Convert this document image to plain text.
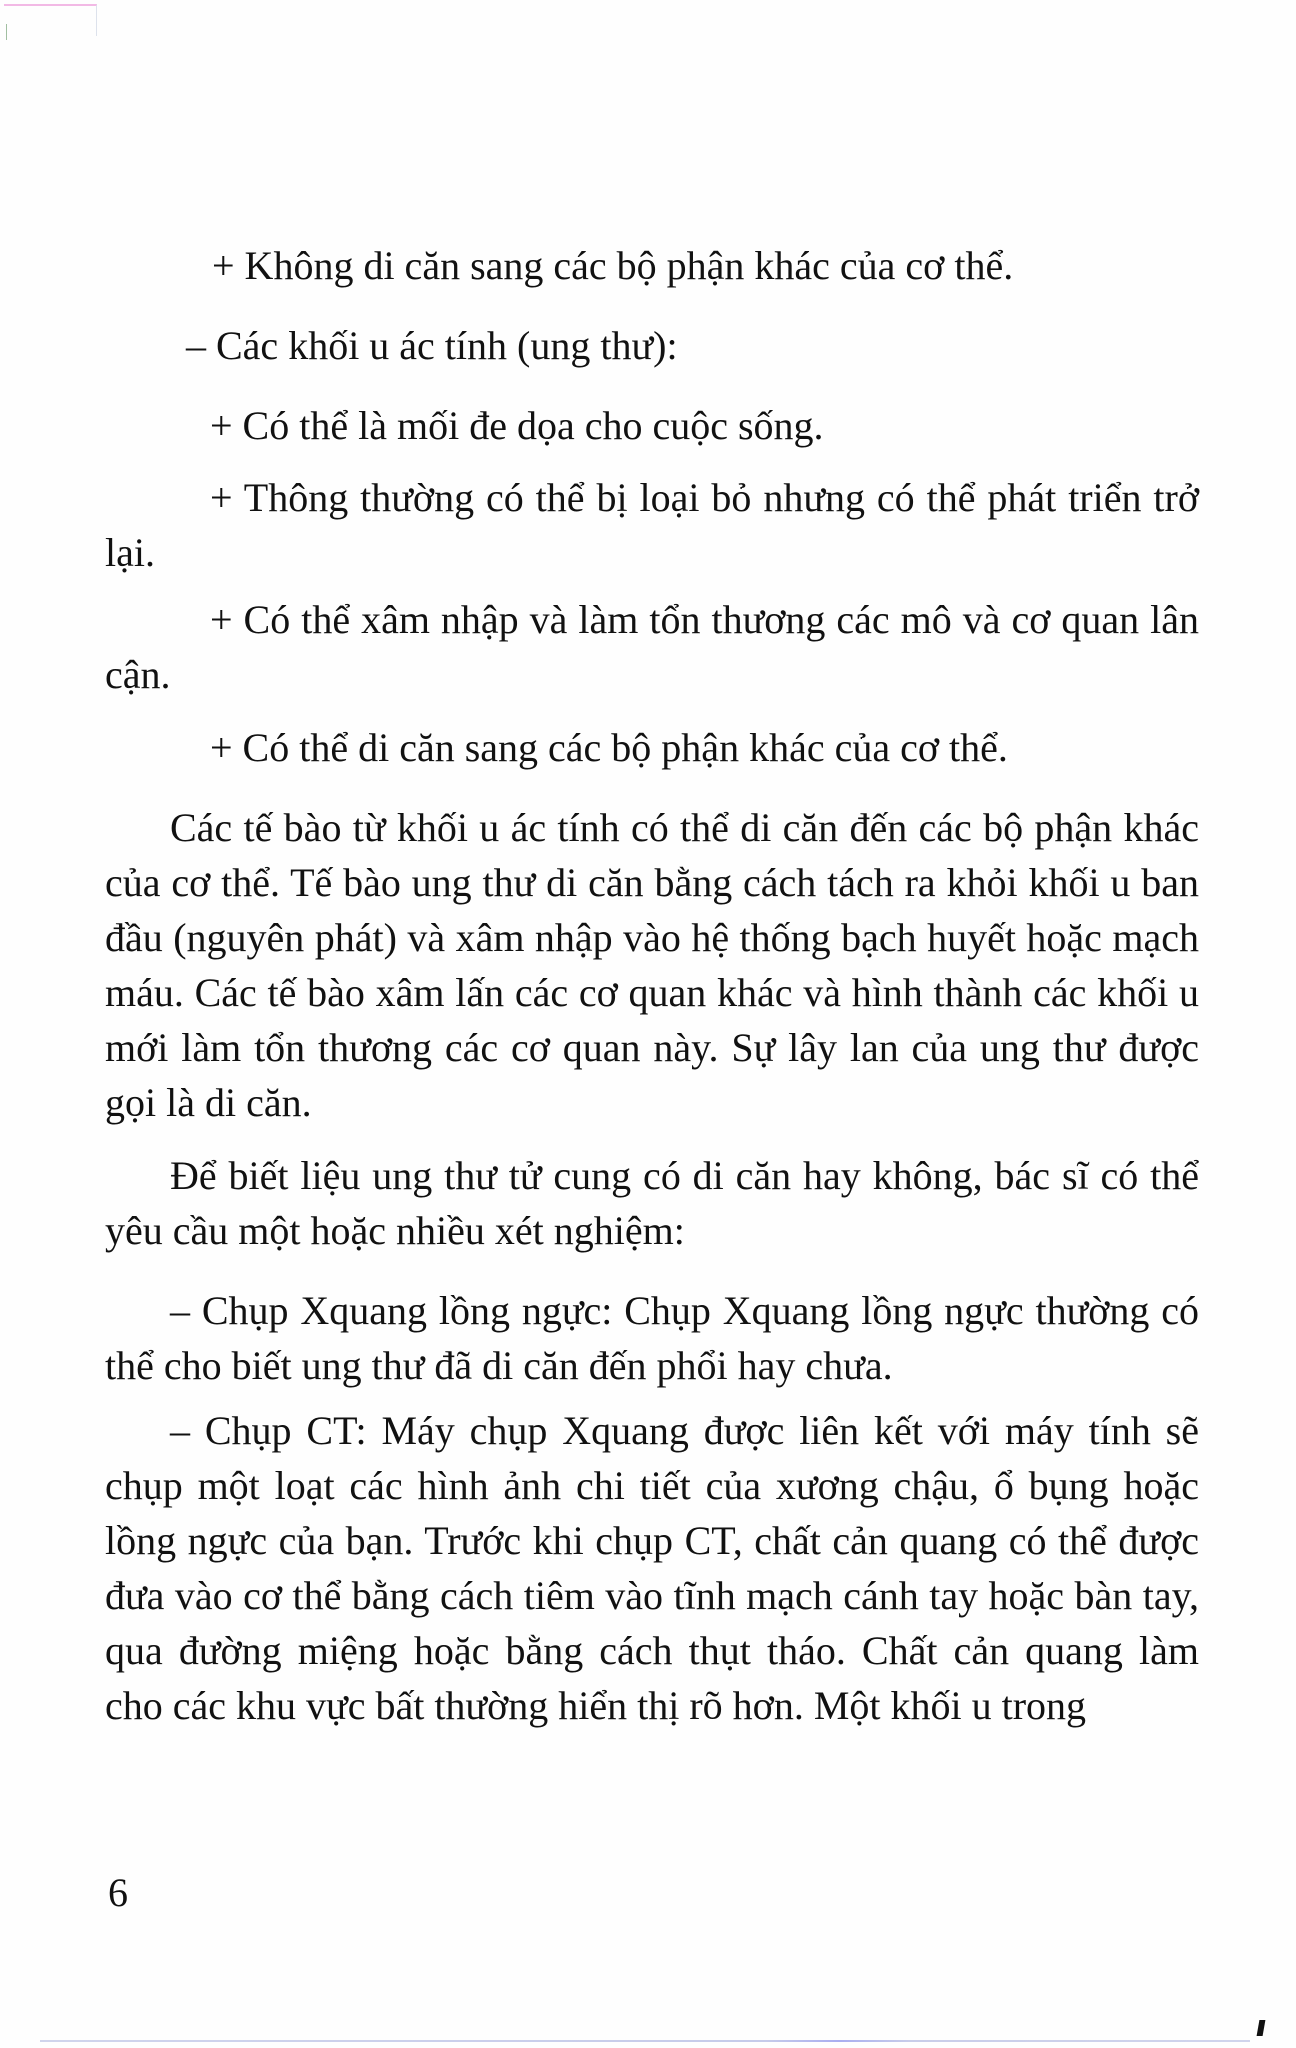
+ Không di căn sang các bộ phận khác của cơ thể.
– Các khối u ác tính (ung thư):
+ Có thể là mối đe dọa cho cuộc sống.

+ Thông thường có thể bị loại bỏ nhưng có thể phát triển trở lại.

+ Có thể xâm nhập và làm tổn thương các mô và cơ quan lân cận.

+ Có thể di căn sang các bộ phận khác của cơ thể.

Các tế bào từ khối u ác tính có thể di căn đến các bộ phận khác của cơ thể. Tế bào ung thư di căn bằng cách tách ra khỏi khối u ban đầu (nguyên phát) và xâm nhập vào hệ thống bạch huyết hoặc mạch máu. Các tế bào xâm lấn các cơ quan khác và hình thành các khối u mới làm tổn thương các cơ quan này. Sự lây lan của ung thư được gọi là di căn.

Để biết liệu ung thư tử cung có di căn hay không, bác sĩ có thể yêu cầu một hoặc nhiều xét nghiệm:

– Chụp Xquang lồng ngực: Chụp Xquang lồng ngực thường có thể cho biết ung thư đã di căn đến phổi hay chưa.

– Chụp CT: Máy chụp Xquang được liên kết với máy tính sẽ chụp một loạt các hình ảnh chi tiết của xương chậu, ổ bụng hoặc lồng ngực của bạn. Trước khi chụp CT, chất cản quang có thể được đưa vào cơ thể bằng cách tiêm vào tĩnh mạch cánh tay hoặc bàn tay, qua đường miệng hoặc bằng cách thụt tháo. Chất cản quang làm cho các khu vực bất thường hiển thị rõ hơn. Một khối u trong

6
